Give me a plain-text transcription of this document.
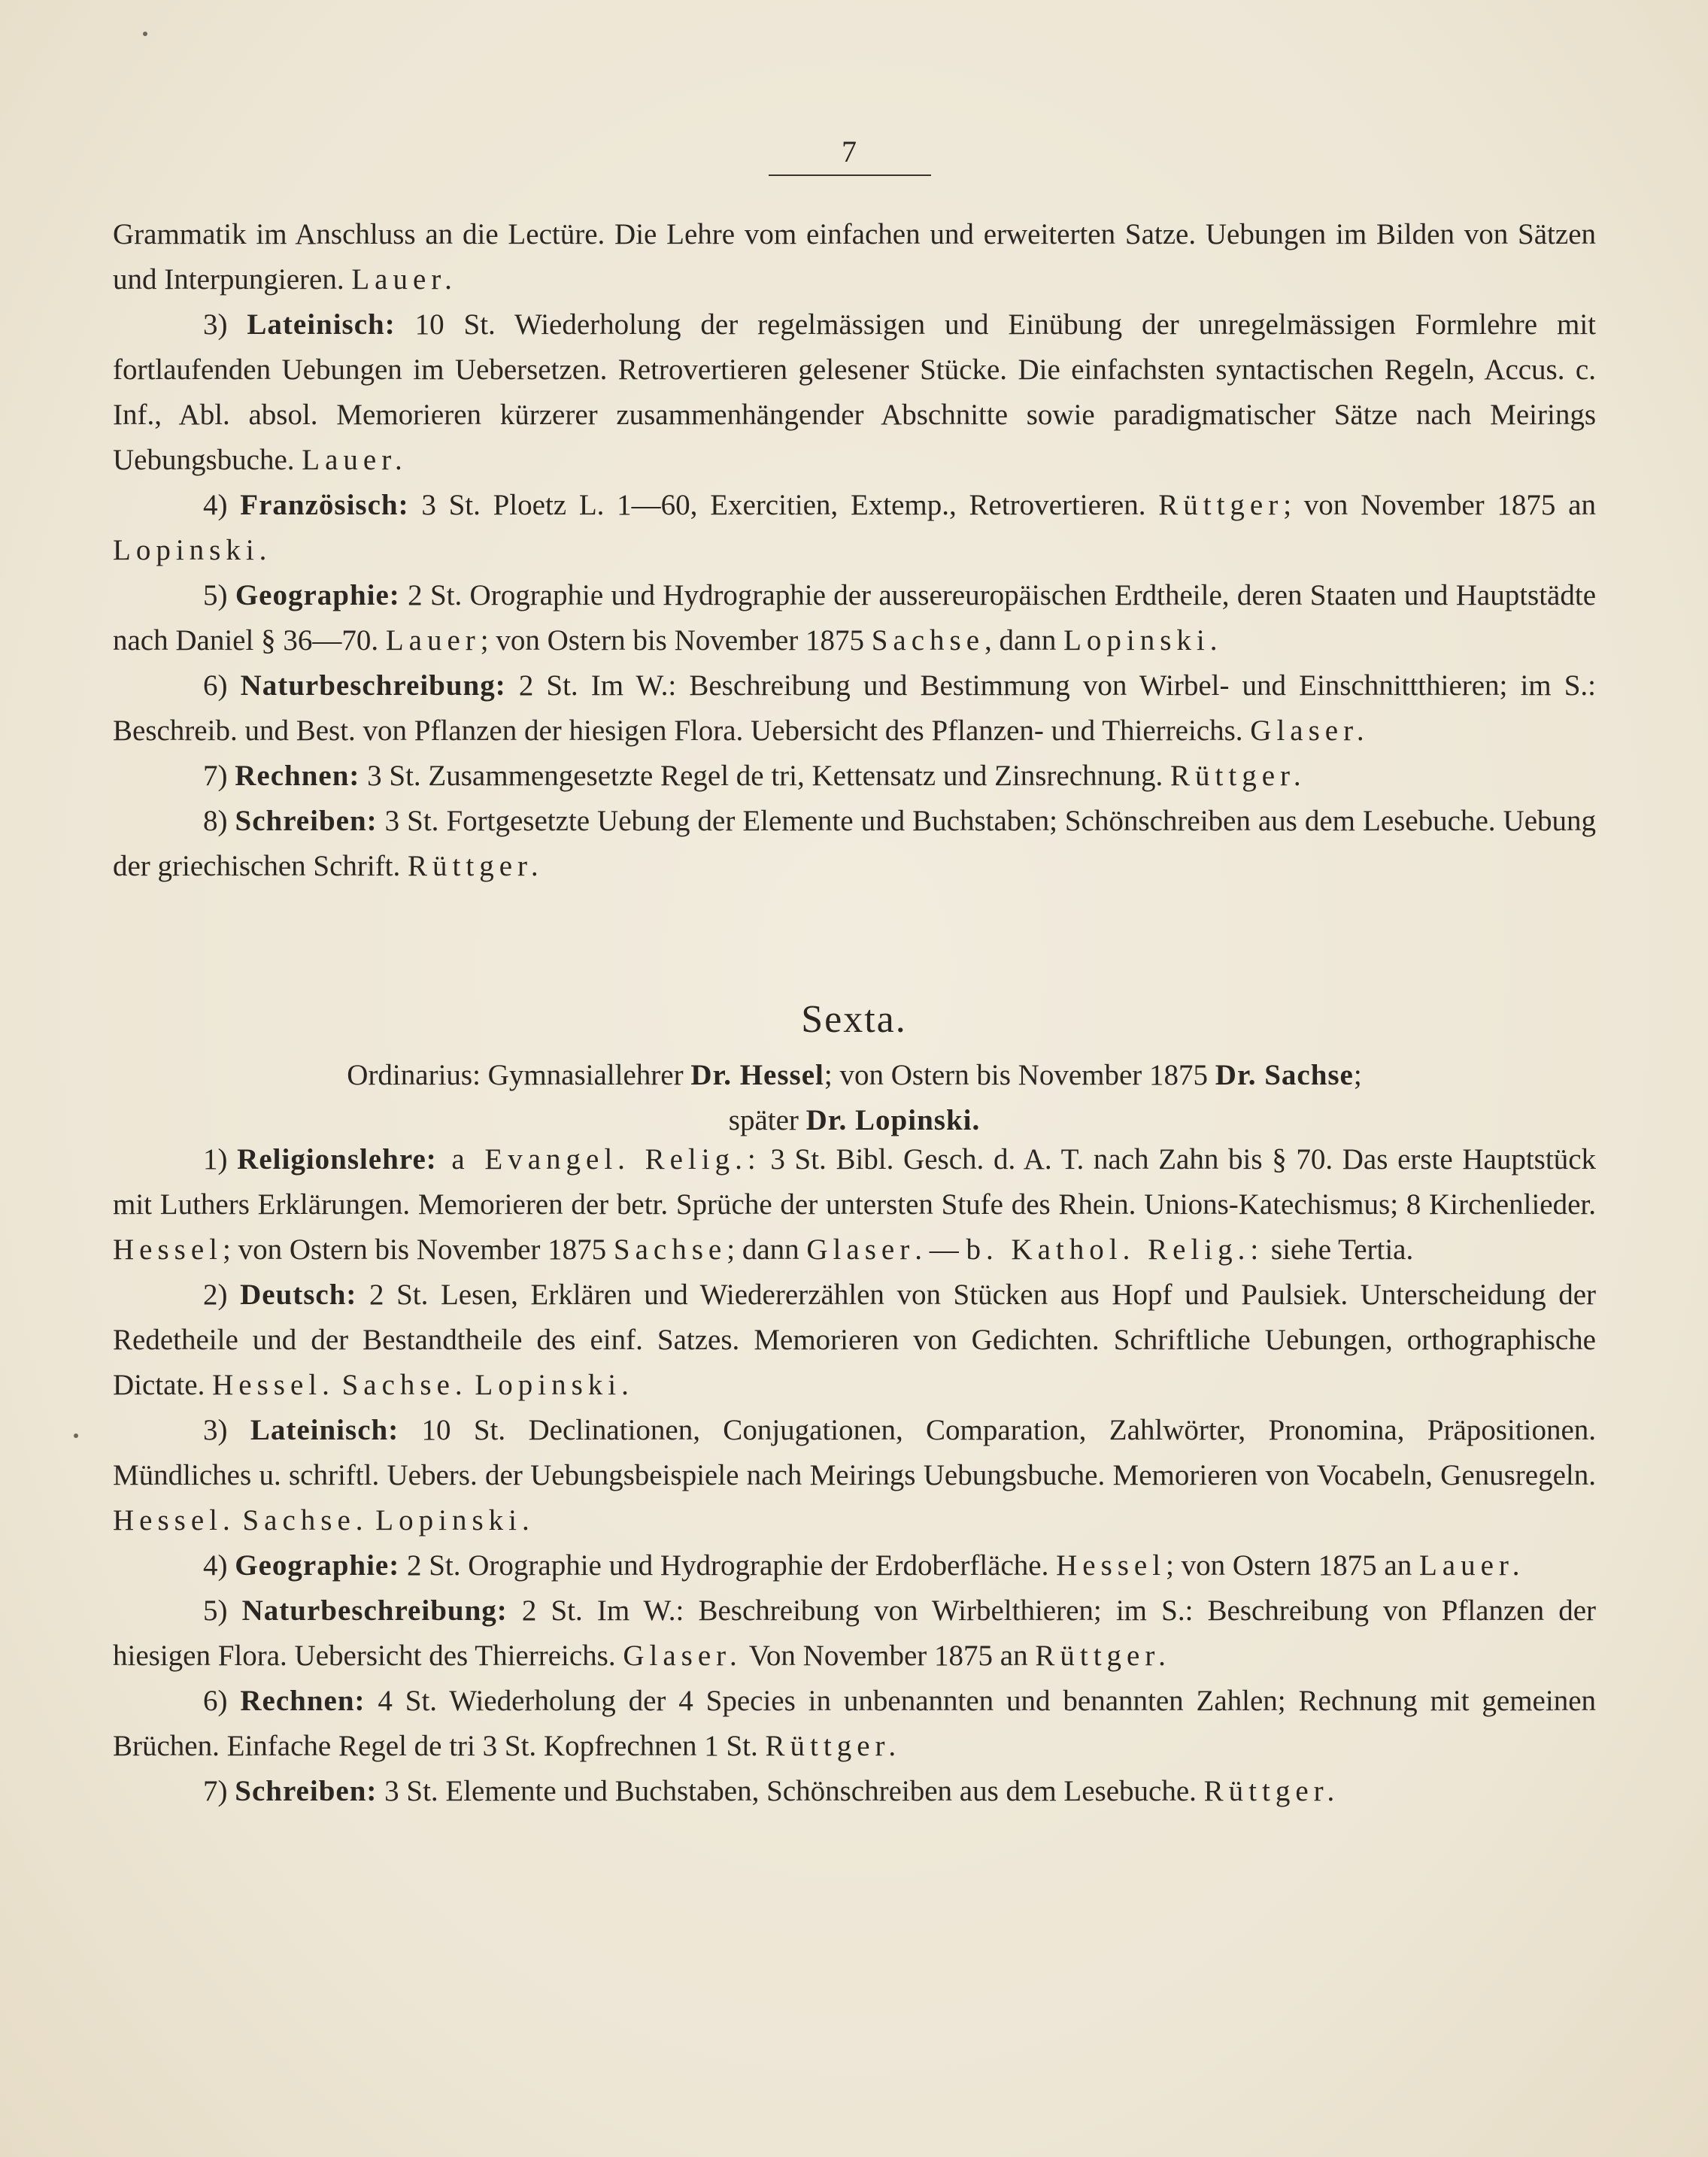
7

Grammatik im Anschluss an die Lectüre. Die Lehre vom einfachen und erweiterten Satze. Uebungen im Bilden von Sätzen und Interpungieren. Lauer.

3) Lateinisch: 10 St. Wiederholung der regelmässigen und Einübung der unregelmässigen Formlehre mit fortlaufenden Uebungen im Uebersetzen. Retrovertieren gelesener Stücke. Die einfachsten syntactischen Regeln, Accus. c. Inf., Abl. absol. Memorieren kürzerer zusammenhängender Abschnitte sowie paradigmatischer Sätze nach Meirings Uebungsbuche. Lauer.

4) Französisch: 3 St. Ploetz L. 1—60, Exercitien, Extemp., Retrovertieren. Rüttger; von November 1875 an Lopinski.

5) Geographie: 2 St. Orographie und Hydrographie der aussereuropäischen Erdtheile, deren Staaten und Hauptstädte nach Daniel § 36—70. Lauer; von Ostern bis November 1875 Sachse, dann Lopinski.

6) Naturbeschreibung: 2 St. Im W.: Beschreibung und Bestimmung von Wirbel- und Einschnittthieren; im S.: Beschreib. und Best. von Pflanzen der hiesigen Flora. Uebersicht des Pflanzen- und Thierreichs. Glaser.

7) Rechnen: 3 St. Zusammengesetzte Regel de tri, Kettensatz und Zinsrechnung. Rüttger.

8) Schreiben: 3 St. Fortgesetzte Uebung der Elemente und Buchstaben; Schönschreiben aus dem Lesebuche. Uebung der griechischen Schrift. Rüttger.

Sexta.
Ordinarius: Gymnasiallehrer Dr. Hessel; von Ostern bis November 1875 Dr. Sachse;
später Dr. Lopinski.

1) Religionslehre: a Evangel. Relig.: 3 St. Bibl. Gesch. d. A. T. nach Zahn bis § 70. Das erste Hauptstück mit Luthers Erklärungen. Memorieren der betr. Sprüche der untersten Stufe des Rhein. Unions-Katechismus; 8 Kirchenlieder. Hessel; von Ostern bis November 1875 Sachse; dann Glaser. — b. Kathol. Relig.: siehe Tertia.

2) Deutsch: 2 St. Lesen, Erklären und Wiedererzählen von Stücken aus Hopf und Paulsiek. Unterscheidung der Redetheile und der Bestandtheile des einf. Satzes. Memorieren von Gedichten. Schriftliche Uebungen, orthographische Dictate. Hessel. Sachse. Lopinski.

3) Lateinisch: 10 St. Declinationen, Conjugationen, Comparation, Zahlwörter, Pronomina, Präpositionen. Mündliches u. schriftl. Uebers. der Uebungsbeispiele nach Meirings Uebungsbuche. Memorieren von Vocabeln, Genusregeln. Hessel. Sachse. Lopinski.

4) Geographie: 2 St. Orographie und Hydrographie der Erdoberfläche. Hessel; von Ostern 1875 an Lauer.

5) Naturbeschreibung: 2 St. Im W.: Beschreibung von Wirbelthieren; im S.: Beschreibung von Pflanzen der hiesigen Flora. Uebersicht des Thierreichs. Glaser. Von November 1875 an Rüttger.

6) Rechnen: 4 St. Wiederholung der 4 Species in unbenannten und benannten Zahlen; Rechnung mit gemeinen Brüchen. Einfache Regel de tri 3 St. Kopfrechnen 1 St. Rüttger.

7) Schreiben: 3 St. Elemente und Buchstaben, Schönschreiben aus dem Lesebuche. Rüttger.
